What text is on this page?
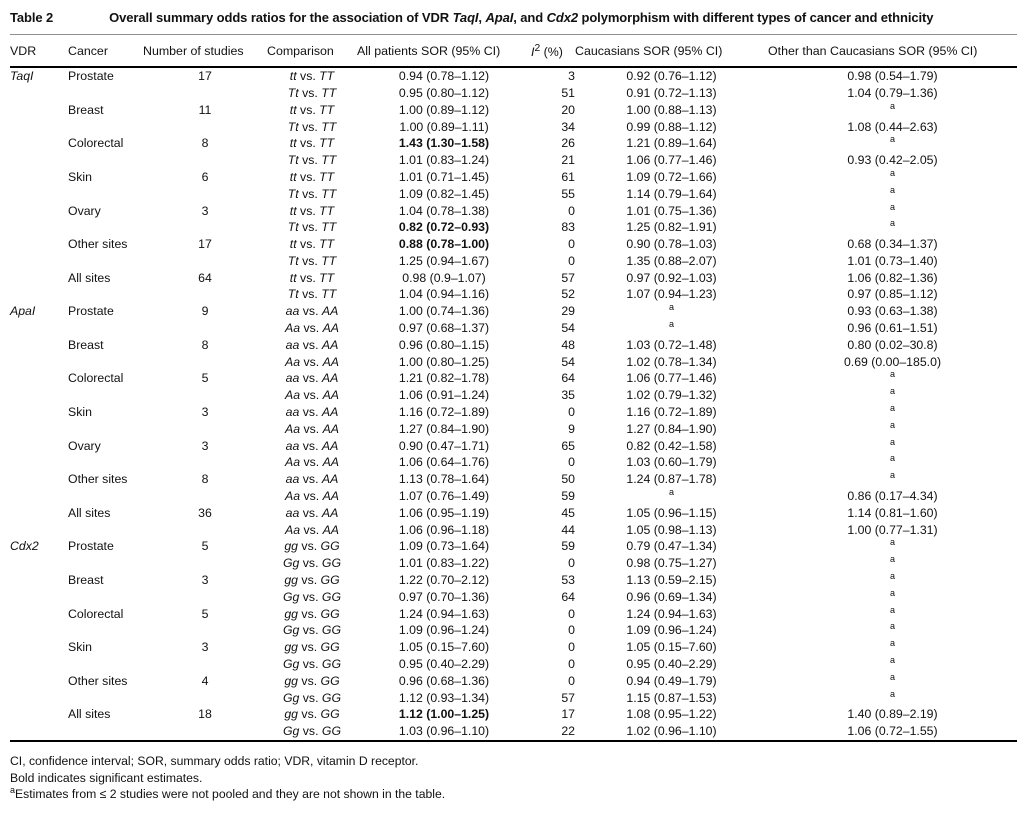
Table 2	Overall summary odds ratios for the association of VDR TaqI, ApaI, and Cdx2 polymorphism with different types of cancer and ethnicity
VDR	Cancer	Number of studies	Comparison	All patients SOR (95% CI)	$I^2$ (%)	Caucasians SOR (95% CI)	Other than Caucasians SOR (95% CI)
TaqI	Prostate	17	tt vs. TT	0.94 (0.78–1.12)	3	0.92 (0.76–1.12)	0.98 (0.54–1.79)
			Tt vs. TT	0.95 (0.80–1.12)	51	0.91 (0.72–1.13)	1.04 (0.79–1.36)
	Breast	11	tt vs. TT	1.00 (0.89–1.12)	20	1.00 (0.88–1.13)	$^a$
			Tt vs. TT	1.00 (0.89–1.11)	34	0.99 (0.88–1.12)	1.08 (0.44–2.63)
	Colorectal	8	tt vs. TT	1.43 (1.30–1.58)	26	1.21 (0.89–1.64)	$^a$
			Tt vs. TT	1.01 (0.83–1.24)	21	1.06 (0.77–1.46)	0.93 (0.42–2.05)
	Skin	6	tt vs. TT	1.01 (0.71–1.45)	61	1.09 (0.72–1.66)	$^a$
			Tt vs. TT	1.09 (0.82–1.45)	55	1.14 (0.79–1.64)	$^a$
	Ovary	3	tt vs. TT	1.04 (0.78–1.38)	0	1.01 (0.75–1.36)	$^a$
			Tt vs. TT	0.82 (0.72–0.93)	83	1.25 (0.82–1.91)	$^a$
	Other sites	17	tt vs. TT	0.88 (0.78–1.00)	0	0.90 (0.78–1.03)	0.68 (0.34–1.37)
			Tt vs. TT	1.25 (0.94–1.67)	0	1.35 (0.88–2.07)	1.01 (0.73–1.40)
	All sites	64	tt vs. TT	0.98 (0.9–1.07)	57	0.97 (0.92–1.03)	1.06 (0.82–1.36)
			Tt vs. TT	1.04 (0.94–1.16)	52	1.07 (0.94–1.23)	0.97 (0.85–1.12)
ApaI	Prostate	9	aa vs. AA	1.00 (0.74–1.36)	29	$^a$	0.93 (0.63–1.38)
			Aa vs. AA	0.97 (0.68–1.37)	54	$^a$	0.96 (0.61–1.51)
	Breast	8	aa vs. AA	0.96 (0.80–1.15)	48	1.03 (0.72–1.48)	0.80 (0.02–30.8)
			Aa vs. AA	1.00 (0.80–1.25)	54	1.02 (0.78–1.34)	0.69 (0.00–185.0)
	Colorectal	5	aa vs. AA	1.21 (0.82–1.78)	64	1.06 (0.77–1.46)	$^a$
			Aa vs. AA	1.06 (0.91–1.24)	35	1.02 (0.79–1.32)	$^a$
	Skin	3	aa vs. AA	1.16 (0.72–1.89)	0	1.16 (0.72–1.89)	$^a$
			Aa vs. AA	1.27 (0.84–1.90)	9	1.27 (0.84–1.90)	$^a$
	Ovary	3	aa vs. AA	0.90 (0.47–1.71)	65	0.82 (0.42–1.58)	$^a$
			Aa vs. AA	1.06 (0.64–1.76)	0	1.03 (0.60–1.79)	$^a$
	Other sites	8	aa vs. AA	1.13 (0.78–1.64)	50	1.24 (0.87–1.78)	$^a$
			Aa vs. AA	1.07 (0.76–1.49)	59	$^a$	0.86 (0.17–4.34)
	All sites	36	aa vs. AA	1.06 (0.95–1.19)	45	1.05 (0.96–1.15)	1.14 (0.81–1.60)
			Aa vs. AA	1.06 (0.96–1.18)	44	1.05 (0.98–1.13)	1.00 (0.77–1.31)
Cdx2	Prostate	5	gg vs. GG	1.09 (0.73–1.64)	59	0.79 (0.47–1.34)	$^a$
			Gg vs. GG	1.01 (0.83–1.22)	0	0.98 (0.75–1.27)	$^a$
	Breast	3	gg vs. GG	1.22 (0.70–2.12)	53	1.13 (0.59–2.15)	$^a$
			Gg vs. GG	0.97 (0.70–1.36)	64	0.96 (0.69–1.34)	$^a$
	Colorectal	5	gg vs. GG	1.24 (0.94–1.63)	0	1.24 (0.94–1.63)	$^a$
			Gg vs. GG	1.09 (0.96–1.24)	0	1.09 (0.96–1.24)	$^a$
	Skin	3	gg vs. GG	1.05 (0.15–7.60)	0	1.05 (0.15–7.60)	$^a$
			Gg vs. GG	0.95 (0.40–2.29)	0	0.95 (0.40–2.29)	$^a$
	Other sites	4	gg vs. GG	0.96 (0.68–1.36)	0	0.94 (0.49–1.79)	$^a$
			Gg vs. GG	1.12 (0.93–1.34)	57	1.15 (0.87–1.53)	$^a$
	All sites	18	gg vs. GG	1.12 (1.00–1.25)	17	1.08 (0.95–1.22)	1.40 (0.89–2.19)
			Gg vs. GG	1.03 (0.96–1.10)	22	1.02 (0.96–1.10)	1.06 (0.72–1.55)
CI, confidence interval; SOR, summary odds ratio; VDR, vitamin D receptor.
Bold indicates significant estimates.
$^a$Estimates from ≤ 2 studies were not pooled and they are not shown in the table.
